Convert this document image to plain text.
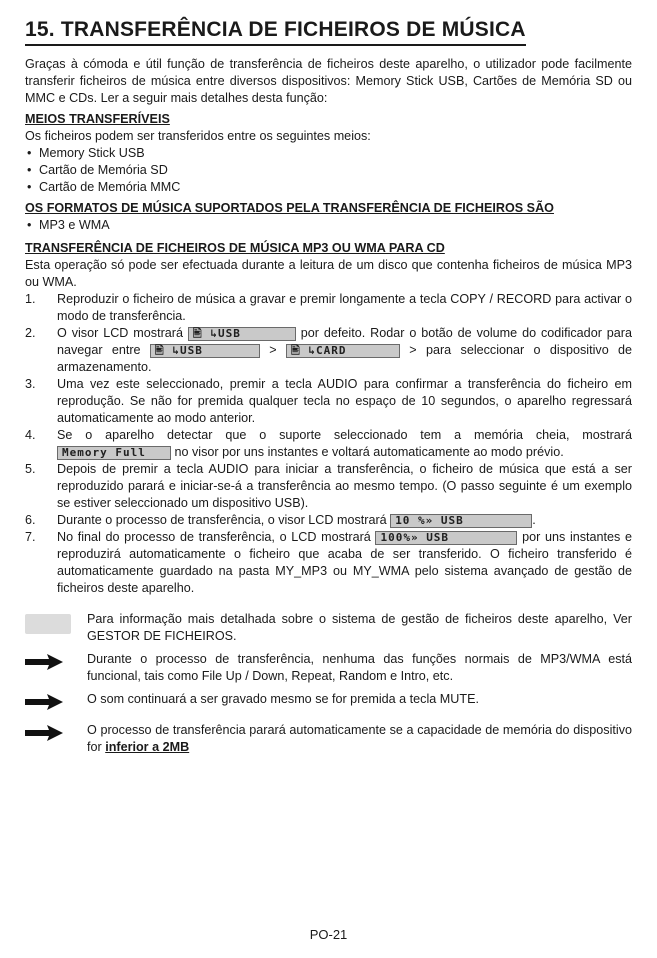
15. TRANSFERÊNCIA DE FICHEIROS DE MÚSICA

Graças à cómoda e útil função de transferência de ficheiros deste aparelho, o utilizador pode facilmente transferir ficheiros de música entre diversos dispositivos: Memory Stick USB, Cartões de Memória SD ou MMC e CDs. Ler a seguir mais detalhes desta função:

MEIOS TRANSFERÍVEIS

Os ficheiros podem ser transferidos entre os seguintes meios:

• Memory Stick USB
• Cartão de Memória SD
• Cartão de Memória MMC
OS FORMATOS DE MÚSICA SUPORTADOS PELA TRANSFERÊNCIA DE FICHEIROS SÃO
• MP3 e WMA
TRANSFERÊNCIA DE FICHEIROS DE MÚSICA MP3 OU WMA PARA CD

Esta operação só pode ser efectuada durante a leitura de um disco que contenha ficheiros de música MP3 ou WMA.

1. Reproduzir o ficheiro de música a gravar e premir longamente a tecla COPY / RECORD para activar o modo de transferência.
2. O visor LCD mostrará 🖹 ↳USB	por defeito. Rodar o botão de volume do codificador para navegar entre 🖹 ↳USB	> 🖹 ↳CARD	> para seleccionar o dispositivo de armazenamento.
3. Uma vez este seleccionado, premir a tecla AUDIO para confirmar a transferência do ficheiro em reprodução. Se não for premida qualquer tecla no espaço de 10 segundos, o aparelho regressará automaticamente ao modo anterior.
4. Se o aparelho detectar que o suporte seleccionado tem a memória cheia, mostrará Memory Full no visor por uns instantes e voltará automaticamente ao modo prévio.
5. Depois de premir a tecla AUDIO para iniciar a transferência, o ficheiro de música que está a ser reproduzido parará e iniciar-se-á a transferência ao mesmo tempo. (O passo seguinte é um exemplo se estiver seleccionado um dispositivo USB).
6. Durante o processo de transferência, o visor LCD mostrará 10 %» USB	.
7. No final do processo de transferência, o LCD mostrará 100%» USB	por uns instantes e reproduzirá automaticamente o ficheiro que acaba de ser transferido. O ficheiro transferido é automaticamente guardado na pasta MY_MP3 ou MY_WMA pelo sistema avançado de gestão de ficheiros deste aparelho.
Para informação mais detalhada sobre o sistema de gestão de ficheiros deste aparelho, Ver GESTOR DE FICHEIROS.
Durante o processo de transferência, nenhuma das funções normais de MP3/WMA está funcional, tais como File Up / Down, Repeat, Random e Intro, etc.
O som continuará a ser gravado mesmo se for premida a tecla MUTE.
O processo de transferência parará automaticamente se a capacidade de memória do dispositivo for inferior a 2MB
PO-21
